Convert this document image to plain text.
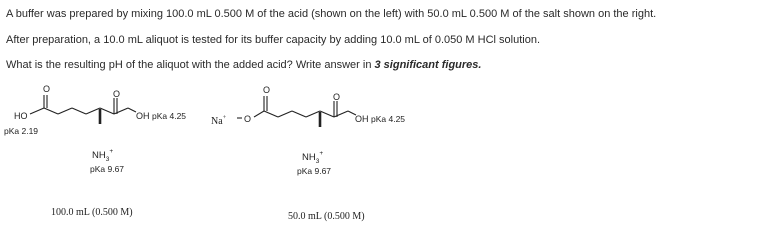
A buffer was prepared by mixing 100.0 mL 0.500 M of the acid (shown on the left) with 50.0 mL 0.500 M of the salt shown on the right.
After preparation, a 10.0 mL aliquot is tested for its buffer capacity by adding 10.0 mL of 0.050 M HCl solution.
What is the resulting pH of the aliquot with the added acid? Write answer in 3 significant figures.
O	O
HO
pKa 2.19
OH pKa 4.25
$NH_3^+$
pKa 9.67
100.0 mL (0.500 M)
Na+ O
O
O
OH pKa 4.25
$NH_3^+$
pKa 9.67
50.0 mL (0.500 M)
